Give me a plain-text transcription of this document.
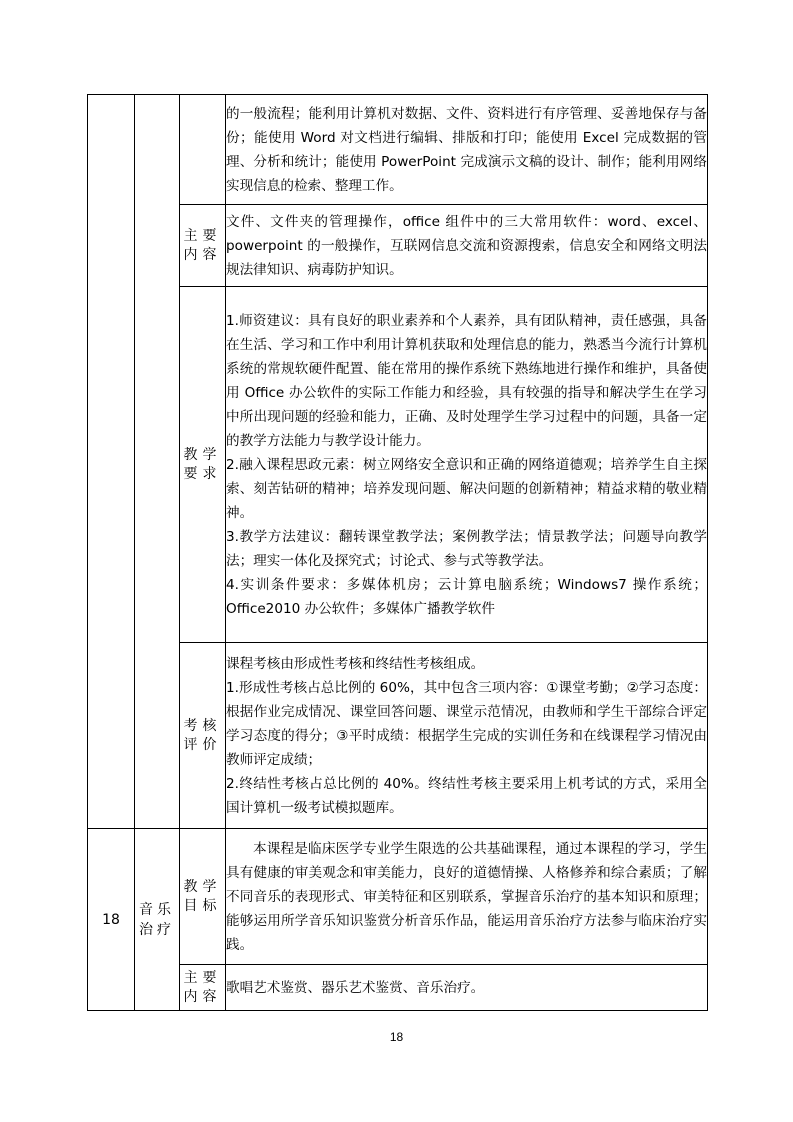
			的一般流程；能利用计算机对数据、文件、资料进行有序管理、妥善地保存与备份；能使用 Word 对文档进行编辑、排版和打印；能使用 Excel 完成数据的管理、分析和统计；能使用 PowerPoint 完成演示文稿的设计、制作；能利用网络实现信息的检索、整理工作。

		主要内容	文件、文件夹的管理操作，office 组件中的三大常用软件：word、excel、powerpoint 的一般操作，互联网信息交流和资源搜索，信息安全和网络文明法规法律知识、病毒防护知识。

		教学要求	1.师资建议：具有良好的职业素养和个人素养，具有团队精神，责任感强，具备在生活、学习和工作中利用计算机获取和处理信息的能力，熟悉当今流行计算机系统的常规软硬件配置、能在常用的操作系统下熟练地进行操作和维护，具备使用 Office 办公软件的实际工作能力和经验，具有较强的指导和解决学生在学习中所出现问题的经验和能力，正确、及时处理学生学习过程中的问题，具备一定的教学方法能力与教学设计能力。

2.融入课程思政元素：树立网络安全意识和正确的网络道德观；培养学生自主探索、刻苦钻研的精神；培养发现问题、解决问题的创新精神；精益求精的敬业精神。

3.教学方法建议：翻转课堂教学法；案例教学法；情景教学法；问题导向教学法；理实一体化及探究式；讨论式、参与式等教学法。

4.实训条件要求：多媒体机房；云计算电脑系统；Windows7 操作系统；Office2010 办公软件；多媒体广播教学软件

		考核评价	课程考核由形成性考核和终结性考核组成。

1.形成性考核占总比例的 60%，其中包含三项内容：①课堂考勤；②学习态度：根据作业完成情况、课堂回答问题、课堂示范情况，由教师和学生干部综合评定学习态度的得分；③平时成绩：根据学生完成的实训任务和在线课程学习情况由教师评定成绩；

2.终结性考核占总比例的 40%。终结性考核主要采用上机考试的方式，采用全国计算机一级考试模拟题库。

18	音乐治疗	教学目标	本课程是临床医学专业学生限选的公共基础课程，通过本课程的学习，学生具有健康的审美观念和审美能力，良好的道德情操、人格修养和综合素质；了解不同音乐的表现形式、审美特征和区别联系，掌握音乐治疗的基本知识和原理；能够运用所学音乐知识鉴赏分析音乐作品，能运用音乐治疗方法参与临床治疗实践。

		主要内容	歌唱艺术鉴赏、器乐艺术鉴赏、音乐治疗。

18
